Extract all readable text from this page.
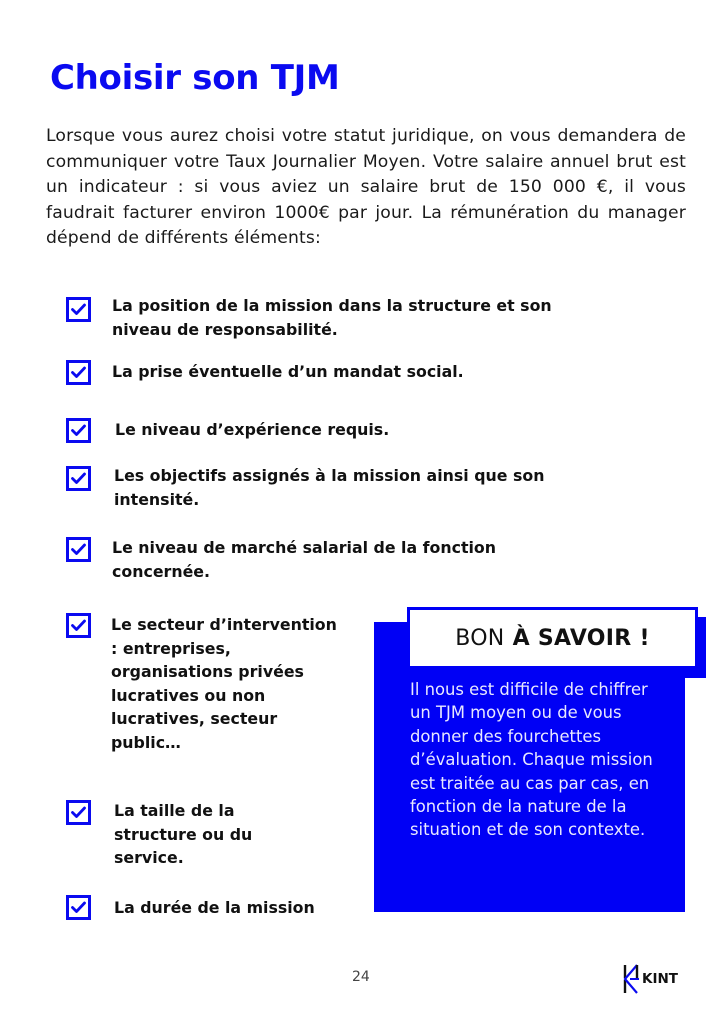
Choisir son TJM

Lorsque vous aurez choisi votre statut juridique, on vous demandera de communiquer votre Taux Journalier Moyen. Votre salaire annuel brut est un indicateur : si vous aviez un salaire brut de 150 000 €, il vous faudrait facturer environ 1000€ par jour. La rémunération du manager dépend de différents éléments:

La position de la mission dans la structure et son niveau de responsabilité.
La prise éventuelle d’un mandat social.
Le niveau d’expérience requis.
Les objectifs assignés à la mission ainsi que son intensité.
Le niveau de marché salarial de la fonction concernée.
Le secteur d’intervention : entreprises, organisations privées lucratives ou non lucratives, secteur public…
La taille de la structure ou du service.
La durée de la mission
BON À SAVOIR !

Il nous est difficile de chiffrer un TJM moyen ou de vous donner des fourchettes d’évaluation. Chaque mission est traitée au cas par cas, en fonction de la nature de la situation et de son contexte.

24	KINT
